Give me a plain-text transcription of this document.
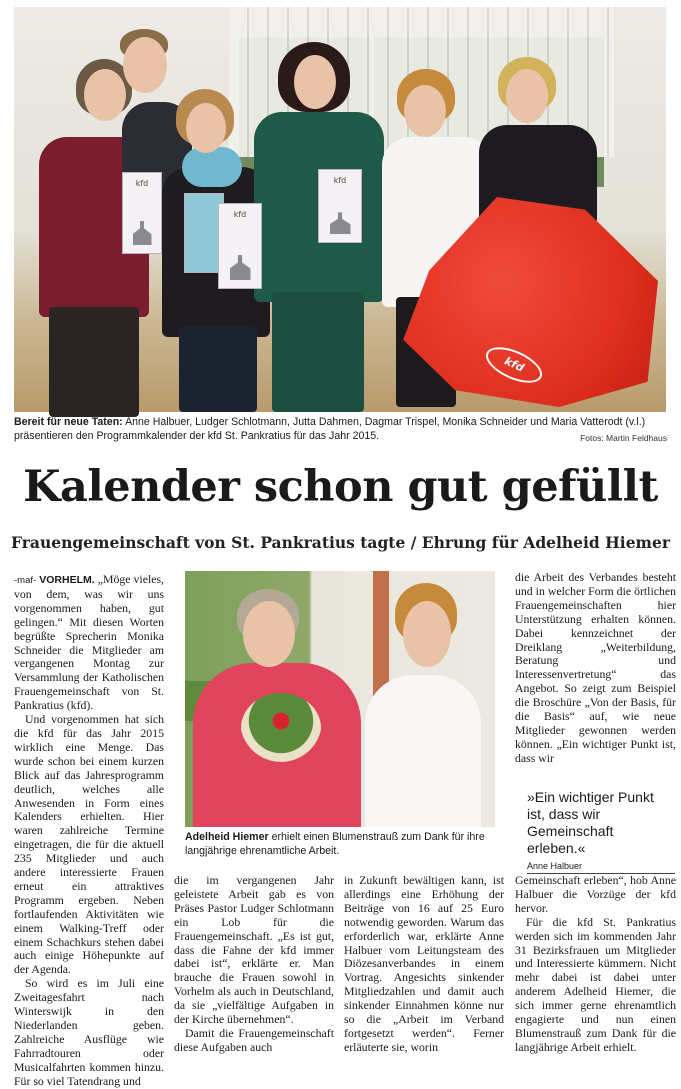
kfd
kfd
kfd
kfd
Bereit für neue Taten: Anne Halbuer, Ludger Schlotmann, Jutta Dahmen, Dagmar Trispel, Monika Schneider und Maria Vatterodt (v.l.) präsentieren den Programmkalender der kfd St. Pankratius für das Jahr 2015.	Fotos: Martin Feldhaus
Kalender schon gut gefüllt
Frauengemeinschaft von St. Pankratius tagte / Ehrung für Adelheid Hiemer

-maf- VORHELM. „Möge vieles, von dem, was wir uns vorgenommen haben, gut gelingen.“ Mit diesen Worten begrüßte Sprecherin Monika Schneider die Mitglieder am vergangenen Montag zur Versammlung der Katholischen Frauengemeinschaft von St. Pankratius (kfd).

Und vorgenommen hat sich die kfd für das Jahr 2015 wirklich eine Menge. Das wurde schon bei einem kurzen Blick auf das Jahresprogramm deutlich, welches alle Anwesenden in Form eines Kalenders erhielten. Hier waren zahlreiche Termine eingetragen, die für die aktuell 235 Mitglieder und auch andere interessierte Frauen erneut ein attraktives Programm ergeben. Neben fortlaufenden Aktivitäten wie einem Walking-Treff oder einem Schachkurs stehen dabei auch einige Höhepunkte auf der Agenda.

So wird es im Juli eine Zweitagesfahrt nach Winterswijk in den Niederlanden geben. Zahlreiche Ausflüge wie Fahrradtouren oder Musicalfahrten kommen hinzu. Für so viel Tatendrang und

Adelheid Hiemer erhielt einen Blumenstrauß zum Dank für ihre langjährige ehrenamtliche Arbeit.

die im vergangenen Jahr geleistete Arbeit gab es von Präses Pastor Ludger Schlotmann ein Lob für die Frauengemeinschaft. „Es ist gut, dass die Fahne der kfd immer dabei ist“, erklärte er. Man brauche die Frauen sowohl in Vorhelm als auch in Deutschland, da sie „vielfältige Aufgaben in der Kirche übernehmen“.

Damit die Frauengemeinschaft diese Aufgaben auch

in Zukunft bewältigen kann, ist allerdings eine Erhöhung der Beiträge von 16 auf 25 Euro notwendig geworden. Warum das erforderlich war, erklärte Anne Halbuer vom Leitungsteam des Diözesanverbandes in einem Vortrag. Angesichts sinkender Mitgliedzahlen und damit auch sinkender Einnahmen könne nur so die „Arbeit im Verband fortgesetzt werden“. Ferner erläuterte sie, worin

die Arbeit des Verbandes besteht und in welcher Form die örtlichen Frauengemeinschaften hier Unterstützung erhalten können. Dabei kennzeichnet der Dreiklang „Weiterbildung, Beratung und Interessenvertretung“ das Angebot. So zeigt zum Beispiel die Broschüre „Von der Basis, für die Basis“ auf, wie neue Mitglieder gewonnen werden können. „Ein wichtiger Punkt ist, dass wir

»Ein wichtiger Punkt ist, dass wir Gemeinschaft erleben.«
Anne Halbuer

Gemeinschaft erleben“, hob Anne Halbuer die Vorzüge der kfd hervor.

Für die kfd St. Pankratius werden sich im kommenden Jahr 31 Bezirksfrauen um Mitglieder und Interessierte kümmern. Nicht mehr dabei ist dabei unter anderem Adelheid Hiemer, die sich immer gerne ehrenamtlich engagierte und nun einen Blumenstrauß zum Dank für die langjährige Arbeit erhielt.
